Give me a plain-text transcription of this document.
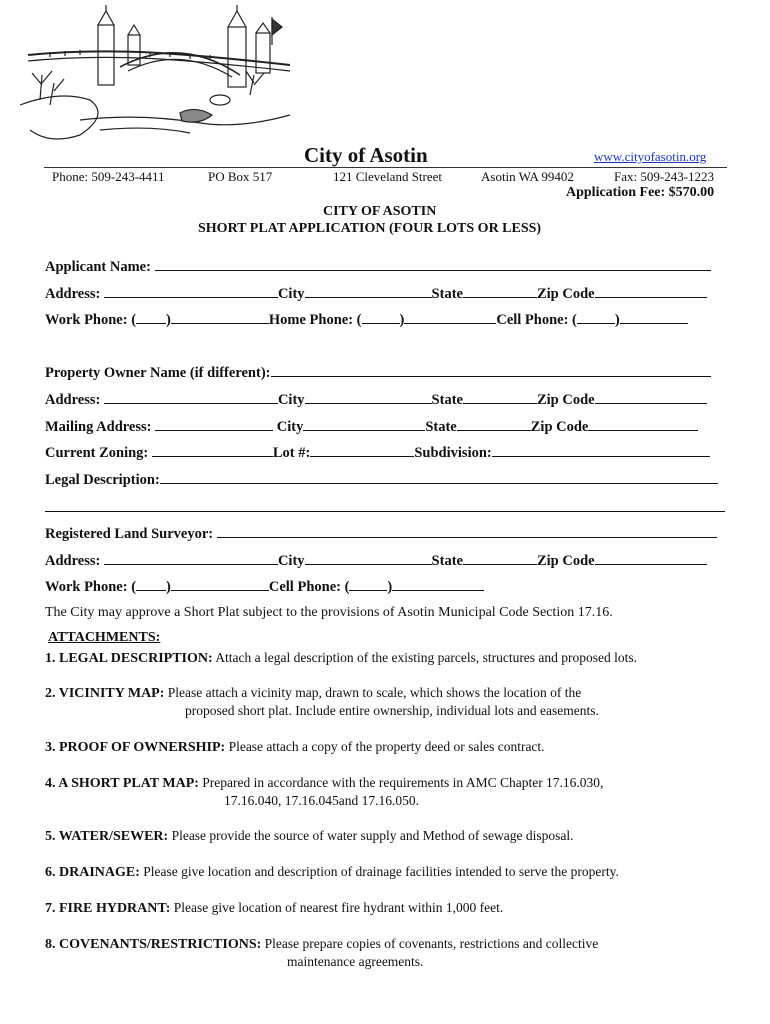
City of Asotin	www.cityofasotin.org
Phone: 509-243-4411	PO Box 517	121 Cleveland Street	Asotin WA 99402	Fax: 509-243-1223
Application Fee: $570.00
CITY OF ASOTIN
SHORT PLAT APPLICATION (FOUR LOTS OR LESS)
Applicant Name:
Address:	City	State	Zip Code
Work Phone: ( )	Home Phone: (	)	Cell Phone: (	)
Property Owner Name (if different):
Address:	City	State	Zip Code
Mailing Address:	City	State	Zip Code
Current Zoning:	Lot #:	Subdivision:
Legal Description:
Registered Land Surveyor:
Address:	City	State	Zip Code
Work Phone: ( )	Cell Phone: (	)
The City may approve a Short Plat subject to the provisions of Asotin Municipal Code Section 17.16.
ATTACHMENTS:
1. LEGAL DESCRIPTION: Attach a legal description of the existing parcels, structures and proposed lots.
2. VICINITY MAP: Please attach a vicinity map, drawn to scale, which shows the location of the
proposed short plat. Include entire ownership, individual lots and easements.
3. PROOF OF OWNERSHIP: Please attach a copy of the property deed or sales contract.
4. A SHORT PLAT MAP: Prepared in accordance with the requirements in AMC Chapter 17.16.030,
17.16.040, 17.16.045and 17.16.050.
5. WATER/SEWER: Please provide the source of water supply and Method of sewage disposal.
6. DRAINAGE: Please give location and description of drainage facilities intended to serve the property.
7. FIRE HYDRANT: Please give location of nearest fire hydrant within 1,000 feet.
8. COVENANTS/RESTRICTIONS: Please prepare copies of covenants, restrictions and collective
maintenance agreements.
